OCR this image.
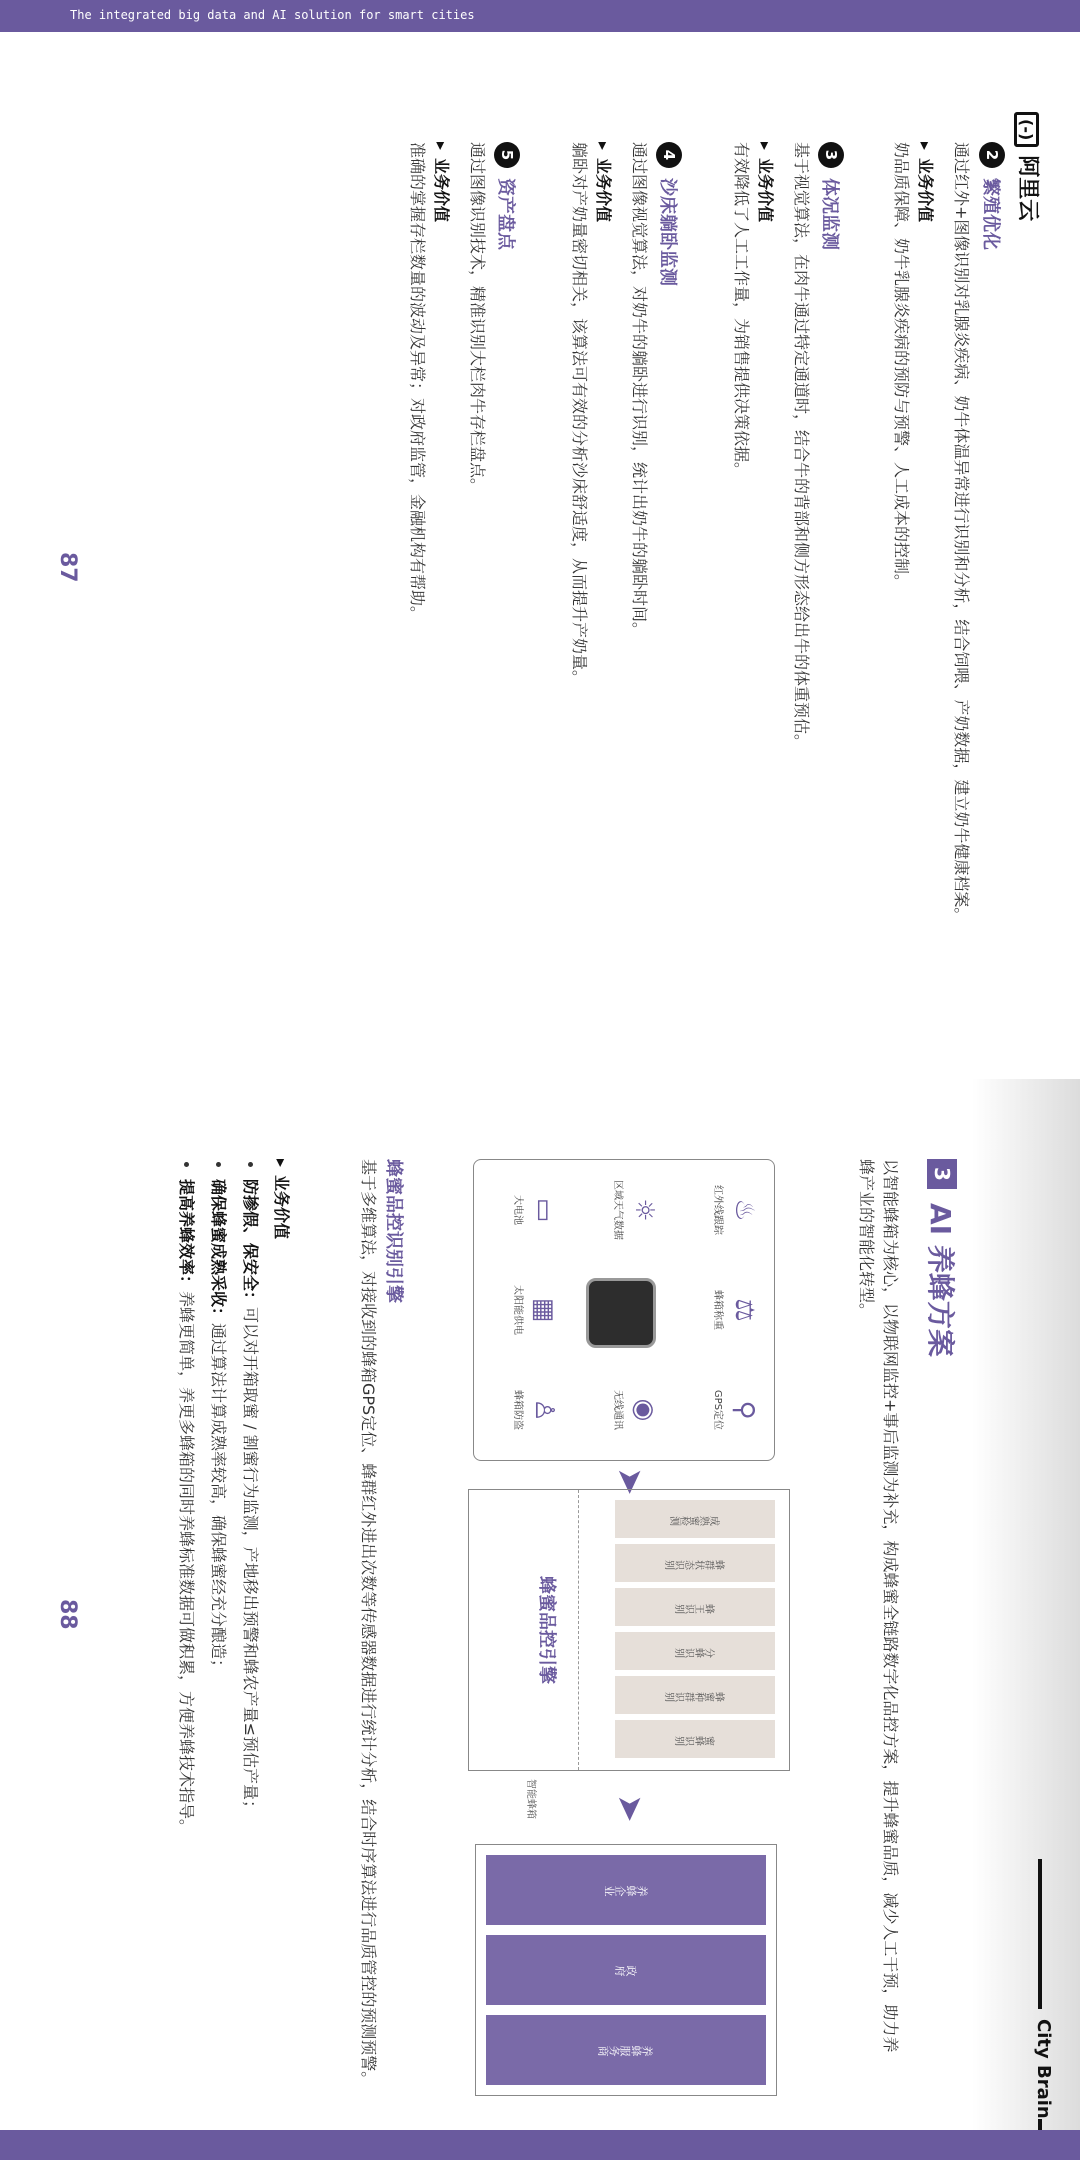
The integrated big data and AI solution for smart cities
(-)阿里云
2
繁殖优化
通过红外+图像识别对乳腺炎疾病、奶牛体温异常进行识别和分析，结合饲喂、产奶数据，建立奶牛健康档案。
▸ 业务价值
奶品质保障、奶牛乳腺炎疾病的预防与预警、人工成本的控制。
3
体况监测
基于视觉算法，在肉牛通过特定通道时，结合牛的背部和侧方形态给出牛的体重预估。
▸ 业务价值
有效降低了人工工作量，为销售提供决策依据。
4
沙床躺卧监测
通过图像视觉算法，对奶牛的躺卧进行识别，统计出奶牛的躺卧时间。
▸ 业务价值
躺卧对产奶量密切相关，该算法可有效的分析沙床舒适度，从而提升产奶量。
5
资产盘点
通过图像识别技术，精准识别大栏肉牛存栏盘点。
▸ 业务价值
准确的掌握存栏数量的波动及异常；对政府监管，金融机构有帮助。
87
City Brain
3
AI 养蜂方案
以智能蜂箱为核心，以物联网监控+事后监测为补充，构成蜂蜜全链路数字化品控方案，提升蜂蜜品质，减少人工干预，助力养蜂产业的智能化转型。
♨
红外线跟踪
⚖
蜂箱称重
⚲
GPS定位
☼
区域天气数据
◉
无线通讯
▭
大电池
▦
太阳能供电
♙
蜂箱防盗
➤
成熟蜜检测
蜂群状态识别
蜂王识别
分蜂识别
蜂蜜种群识别
蜜蜂识别
蜂蜜品控引擎
智能蜂箱 ➤
养蜂企业
政府
养蜂服务商
蜂蜜品控识别引擎
基于多维算法，对接收到的蜂箱GPS定位、蜂群红外进出次数等传感器数据进行统计分析，结合时序算法进行品质管控的预测预警。
▸ 业务价值
• 防掺假、保安全：可以对开箱取蜜 / 割蜜行为监测，产地移出预警和蜂农产量≤预估产量；
• 确保蜂蜜成熟采收：通过算法计算成熟率较高，确保蜂蜜经充分酿造；
• 提高养蜂效率：养蜂更简单，养更多蜂箱的同时养蜂标准数据可做积累，方便养蜂技术指导。
88
